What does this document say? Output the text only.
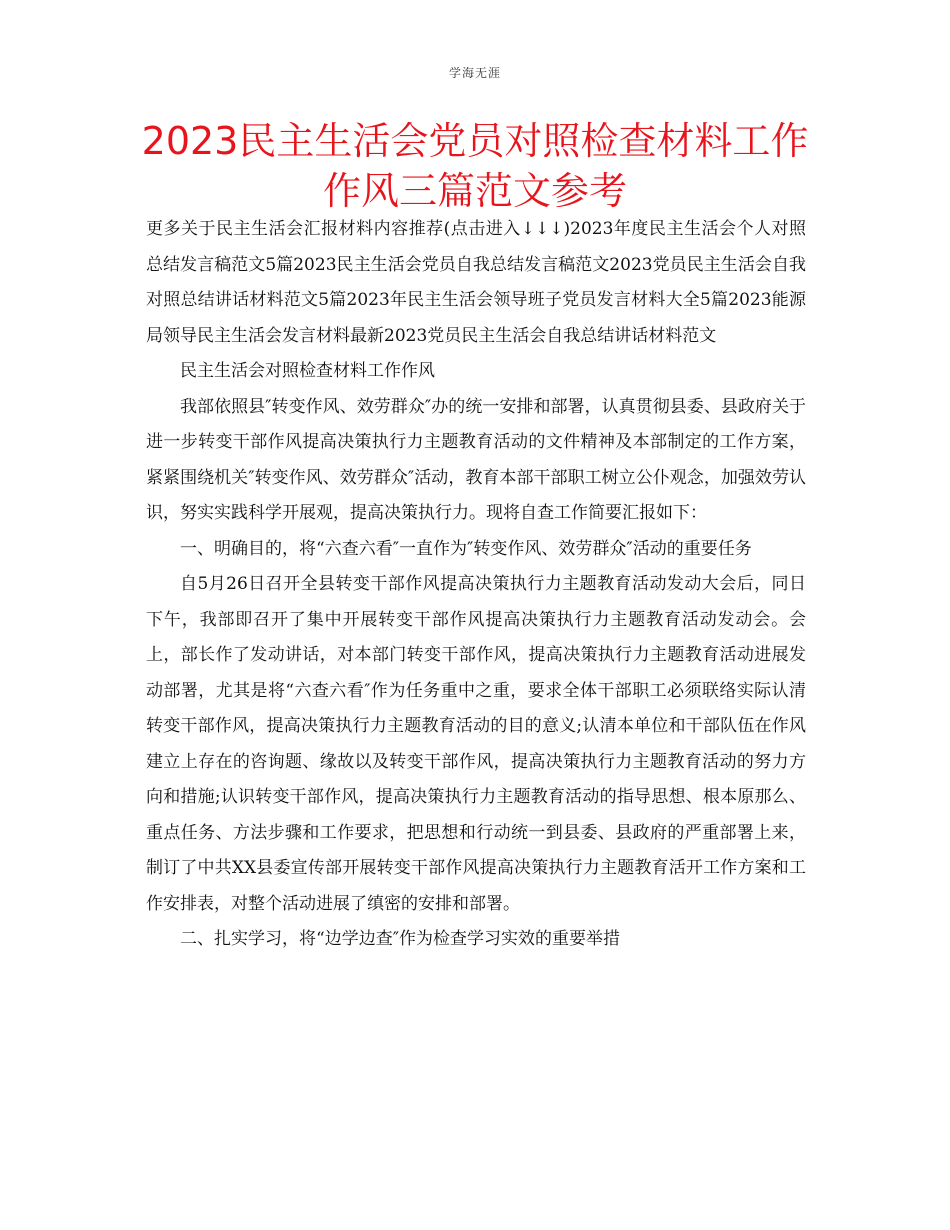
学海无涯
2023民主生活会党员对照检查材料工作作风三篇范文参考

更多关于民主生活会汇报材料内容推荐(点击进入↓↓↓)2023年度民主生活会个人对照总结发言稿范文5篇2023民主生活会党员自我总结发言稿范文2023党员民主生活会自我对照总结讲话材料范文5篇2023年民主生活会领导班子党员发言材料大全5篇2023能源局领导民主生活会发言材料最新2023党员民主生活会自我总结讲话材料范文

民主生活会对照检查材料工作作风

我部依照县″转变作风、效劳群众″办的统一安排和部署，认真贯彻县委、县政府关于进一步转变干部作风提高决策执行力主题教育活动的文件精神及本部制定的工作方案，紧紧围绕机关″转变作风、效劳群众″活动，教育本部干部职工树立公仆观念，加强效劳认识，努实实践科学开展观，提高决策执行力。现将自查工作简要汇报如下：

一、明确目的，将“六查六看″一直作为″转变作风、效劳群众″活动的重要任务

自5月26日召开全县转变干部作风提高决策执行力主题教育活动发动大会后，同日下午，我部即召开了集中开展转变干部作风提高决策执行力主题教育活动发动会。会上，部长作了发动讲话，对本部门转变干部作风，提高决策执行力主题教育活动进展发动部署，尤其是将“六查六看″作为任务重中之重，要求全体干部职工必须联络实际认清转变干部作风，提高决策执行力主题教育活动的目的意义;认清本单位和干部队伍在作风建立上存在的咨询题、缘故以及转变干部作风，提高决策执行力主题教育活动的努力方向和措施;认识转变干部作风，提高决策执行力主题教育活动的指导思想、根本原那么、重点任务、方法步骤和工作要求，把思想和行动统一到县委、县政府的严重部署上来，制订了中共XX县委宣传部开展转变干部作风提高决策执行力主题教育活开工作方案和工作安排表，对整个活动进展了缜密的安排和部署。

二、扎实学习，将“边学边查″作为检查学习实效的重要举措
